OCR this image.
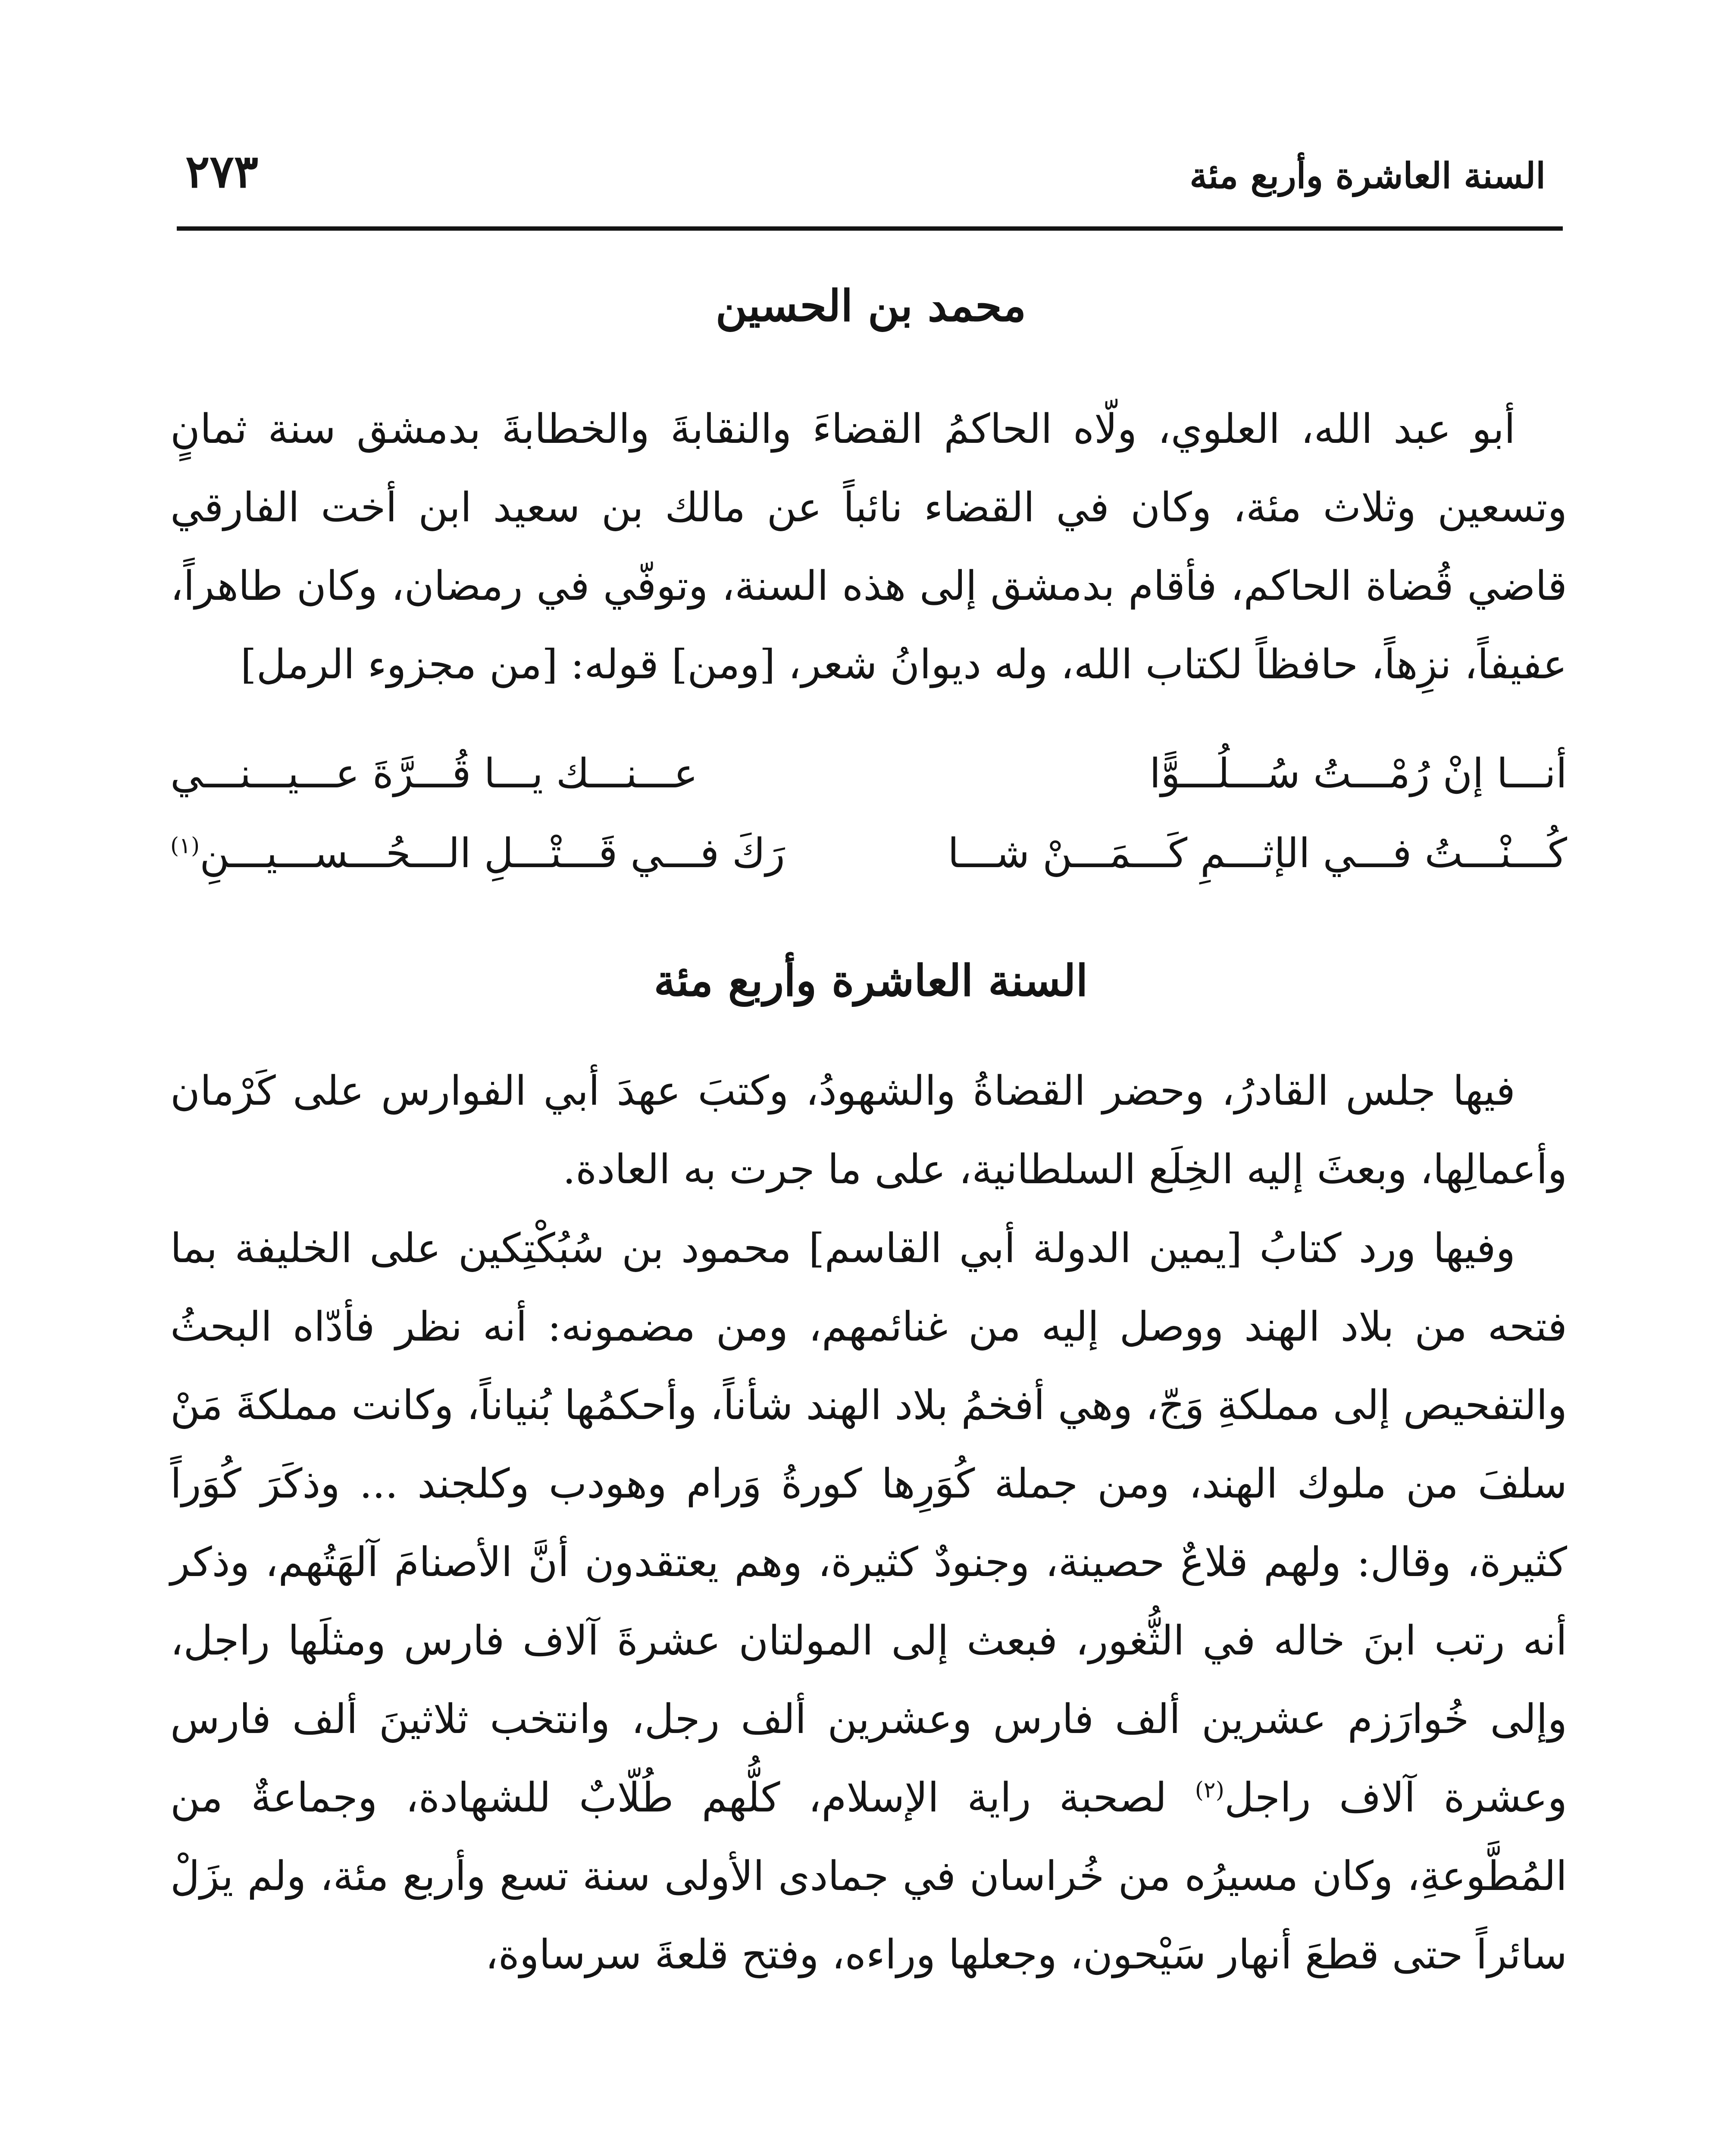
السنة العاشرة وأربع مئة
٢٧٣
محمد بن الحسين

أبو عبد الله، العلوي، ولّاه الحاكمُ القضاءَ والنقابةَ والخطابةَ بدمشق سنة ثمانٍ وتسعين وثلاث مئة، وكان في القضاء نائباً عن مالك بن سعيد ابن أخت الفارقي قاضي قُضاة الحاكم، فأقام بدمشق إلى هذه السنة، وتوفّي في رمضان، وكان طاهراً، عفيفاً، نزِهاً، حافظاً لكتاب الله، وله ديوانُ شعر، [ومن] قوله: [من مجزوء الرمل]

أنـــا إنْ رُمْـــتُ سُـــلُـــوًّا
عـــنـــك يـــا قُـــرَّةَ عـــيـــنـــي
كُـــنْـــتُ فـــي الإثـــمِ كَـــمَـــنْ شـــا
رَكَ فـــي قَـــتْـــلِ الـــحُـــســـيـــنِ$^{(١)}$
السنة العاشرة وأربع مئة

فيها جلس القادرُ، وحضر القضاةُ والشهودُ، وكتبَ عهدَ أبي الفوارس على كَرْمان وأعمالِها، وبعثَ إليه الخِلَع السلطانية، على ما جرت به العادة.

وفيها ورد كتابُ [يمين الدولة أبي القاسم] محمود بن سُبُكْتِكين على الخليفة بما فتحه من بلاد الهند ووصل إليه من غنائمهم، ومن مضمونه: أنه نظر فأدّاه البحثُ والتفحيص إلى مملكةِ وَجّ، وهي أفخمُ بلاد الهند شأناً، وأحكمُها بُنياناً، وكانت مملكةَ مَنْ سلفَ من ملوك الهند، ومن جملة كُوَرِها كورةُ وَرام وهودب وكلجند ... وذكَرَ كُوَراً كثيرة، وقال: ولهم قلاعٌ حصينة، وجنودٌ كثيرة، وهم يعتقدون أنَّ الأصنامَ آلهَتُهم، وذكر أنه رتب ابنَ خاله في الثُّغور، فبعث إلى المولتان عشرةَ آلاف فارس ومثلَها راجل، وإلى خُوارَزم عشرين ألف فارس وعشرين ألف رجل، وانتخب ثلاثينَ ألف فارس وعشرة آلاف راجل$^{(٢)}$ لصحبة راية الإسلام، كلُّهم طُلّابٌ للشهادة، وجماعةٌ من المُطَّوعةِ، وكان مسيرُه من خُراسان في جمادى الأولى سنة تسع وأربع مئة، ولم يزَلْ سائراً حتى قطعَ أنهار سَيْحون، وجعلها وراءه، وفتح قلعةَ سرساوة،
